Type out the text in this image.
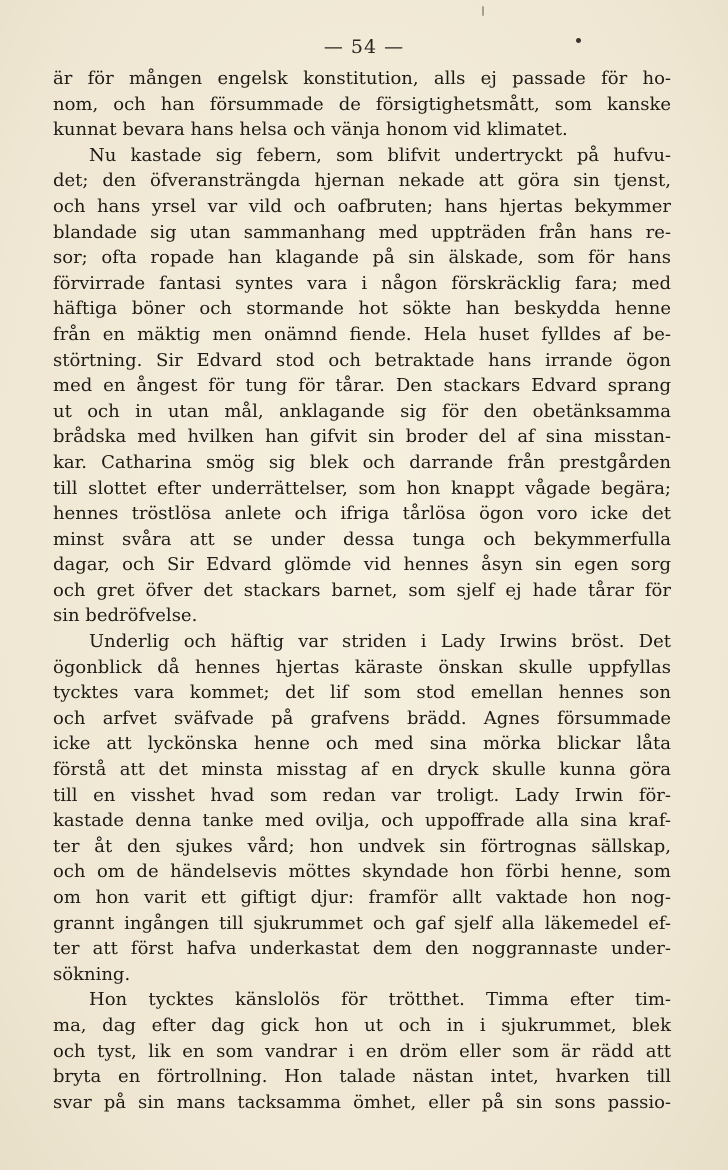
— 54 —
är för mången engelsk konstitution, alls ej passade för ho-
nom, och han försummade de försigtighetsmått, som kanske
kunnat bevara hans helsa och vänja honom vid klimatet.
Nu kastade sig febern, som blifvit undertryckt på hufvu-
det; den öfveransträngda hjernan nekade att göra sin tjenst,
och hans yrsel var vild och oafbruten; hans hjertas bekymmer
blandade sig utan sammanhang med uppträden från hans re-
sor; ofta ropade han klagande på sin älskade, som för hans
förvirrade fantasi syntes vara i någon förskräcklig fara; med
häftiga böner och stormande hot sökte han beskydda henne
från en mäktig men onämnd fiende. Hela huset fylldes af be-
störtning. Sir Edvard stod och betraktade hans irrande ögon
med en ångest för tung för tårar. Den stackars Edvard sprang
ut och in utan mål, anklagande sig för den obetänksamma
brådska med hvilken han gifvit sin broder del af sina misstan-
kar. Catharina smög sig blek och darrande från prestgården
till slottet efter underrättelser, som hon knappt vågade begära;
hennes tröstlösa anlete och ifriga tårlösa ögon voro icke det
minst svåra att se under dessa tunga och bekymmerfulla
dagar, och Sir Edvard glömde vid hennes åsyn sin egen sorg
och gret öfver det stackars barnet, som sjelf ej hade tårar för
sin bedröfvelse.
Underlig och häftig var striden i Lady Irwins bröst. Det
ögonblick då hennes hjertas käraste önskan skulle uppfyllas
tycktes vara kommet; det lif som stod emellan hennes son
och arfvet sväfvade på grafvens brädd. Agnes försummade
icke att lyckönska henne och med sina mörka blickar låta
förstå att det minsta misstag af en dryck skulle kunna göra
till en visshet hvad som redan var troligt. Lady Irwin för-
kastade denna tanke med ovilja, och uppoffrade alla sina kraf-
ter åt den sjukes vård; hon undvek sin förtrognas sällskap,
och om de händelsevis möttes skyndade hon förbi henne, som
om hon varit ett giftigt djur: framför allt vaktade hon nog-
grannt ingången till sjukrummet och gaf sjelf alla läkemedel ef-
ter att först hafva underkastat dem den noggrannaste under-
sökning.
Hon tycktes känslolös för trötthet. Timma efter tim-
ma, dag efter dag gick hon ut och in i sjukrummet, blek
och tyst, lik en som vandrar i en dröm eller som är rädd att
bryta en förtrollning. Hon talade nästan intet, hvarken till
svar på sin mans tacksamma ömhet, eller på sin sons passio-
